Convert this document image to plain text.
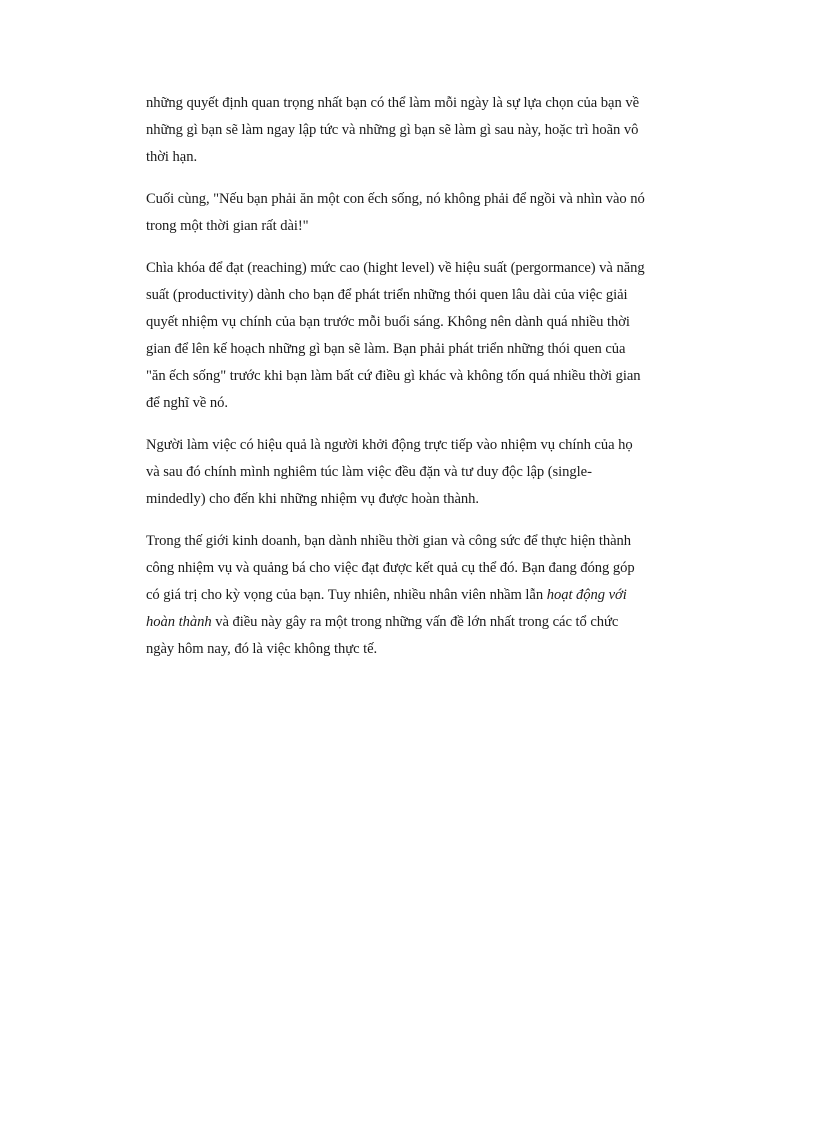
những quyết định quan trọng nhất bạn có thể làm mỗi ngày là sự lựa chọn của bạn về
những gì bạn sẽ làm ngay lập tức và những gì bạn sẽ làm gì sau này, hoặc trì hoãn vô
thời hạn.

Cuối cùng, "Nếu bạn phải ăn một con ếch sống, nó không phải để ngồi và nhìn vào nó
trong một thời gian rất dài!"

Chìa khóa để đạt (reaching) mức cao (hight level) về hiệu suất (pergormance) và năng
suất (productivity) dành cho bạn để phát triển những thói quen lâu dài của việc giải
quyết nhiệm vụ chính của bạn trước mỗi buổi sáng. Không nên dành quá nhiều thời
gian để lên kế hoạch những gì bạn sẽ làm. Bạn phải phát triển những thói quen của
"ăn ếch sống" trước khi bạn làm bất cứ điều gì khác và không tốn quá nhiều thời gian
để nghĩ về nó.

Người làm việc có hiệu quả là người khởi động trực tiếp vào nhiệm vụ chính của họ
và sau đó chính mình nghiêm túc làm việc đều đặn và tư duy độc lập (single-
mindedly) cho đến khi những nhiệm vụ được hoàn thành.

Trong thế giới kinh doanh, bạn dành nhiều thời gian và công sức để thực hiện thành
công nhiệm vụ và quảng bá cho việc đạt được kết quả cụ thể đó. Bạn đang đóng góp
có giá trị cho kỳ vọng của bạn. Tuy nhiên, nhiều nhân viên nhầm lẫn hoạt động với
hoàn thành và điều này gây ra một trong những vấn đề lớn nhất trong các tổ chức
ngày hôm nay, đó là việc không thực tế.
